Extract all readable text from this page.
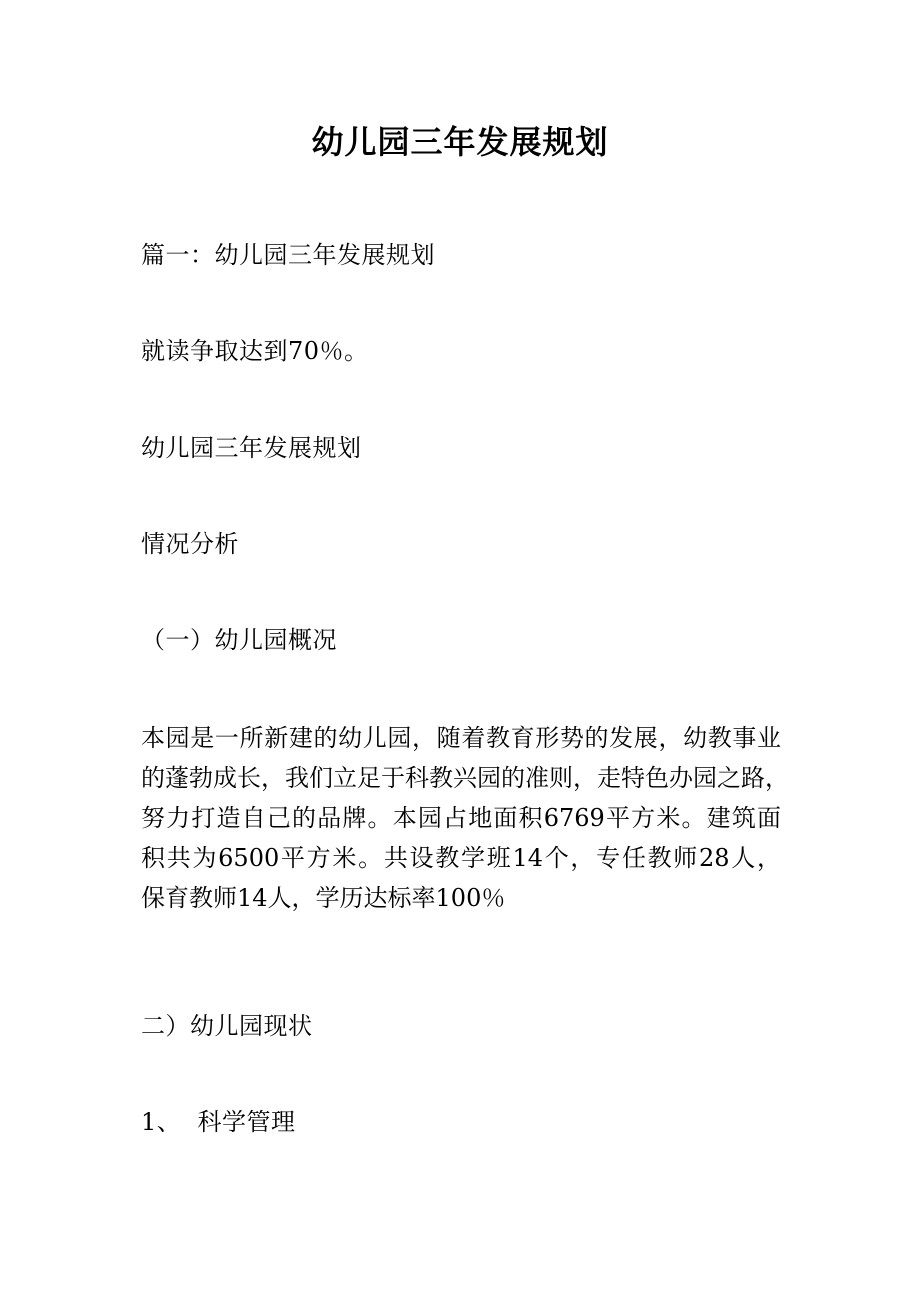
幼儿园三年发展规划
篇一：幼儿园三年发展规划
就读争取达到70％。
幼儿园三年发展规划
情况分析
（一）幼儿园概况
本园是一所新建的幼儿园，随着教育形势的发展，幼教事业
的蓬勃成长，我们立足于科教兴园的准则，走特色办园之路，
努力打造自己的品牌。本园占地面积6769平方米。建筑面
积共为6500平方米。共设教学班14个，专任教师28人，
保育教师14人，学历达标率100％
二）幼儿园现状
1、  科学管理
